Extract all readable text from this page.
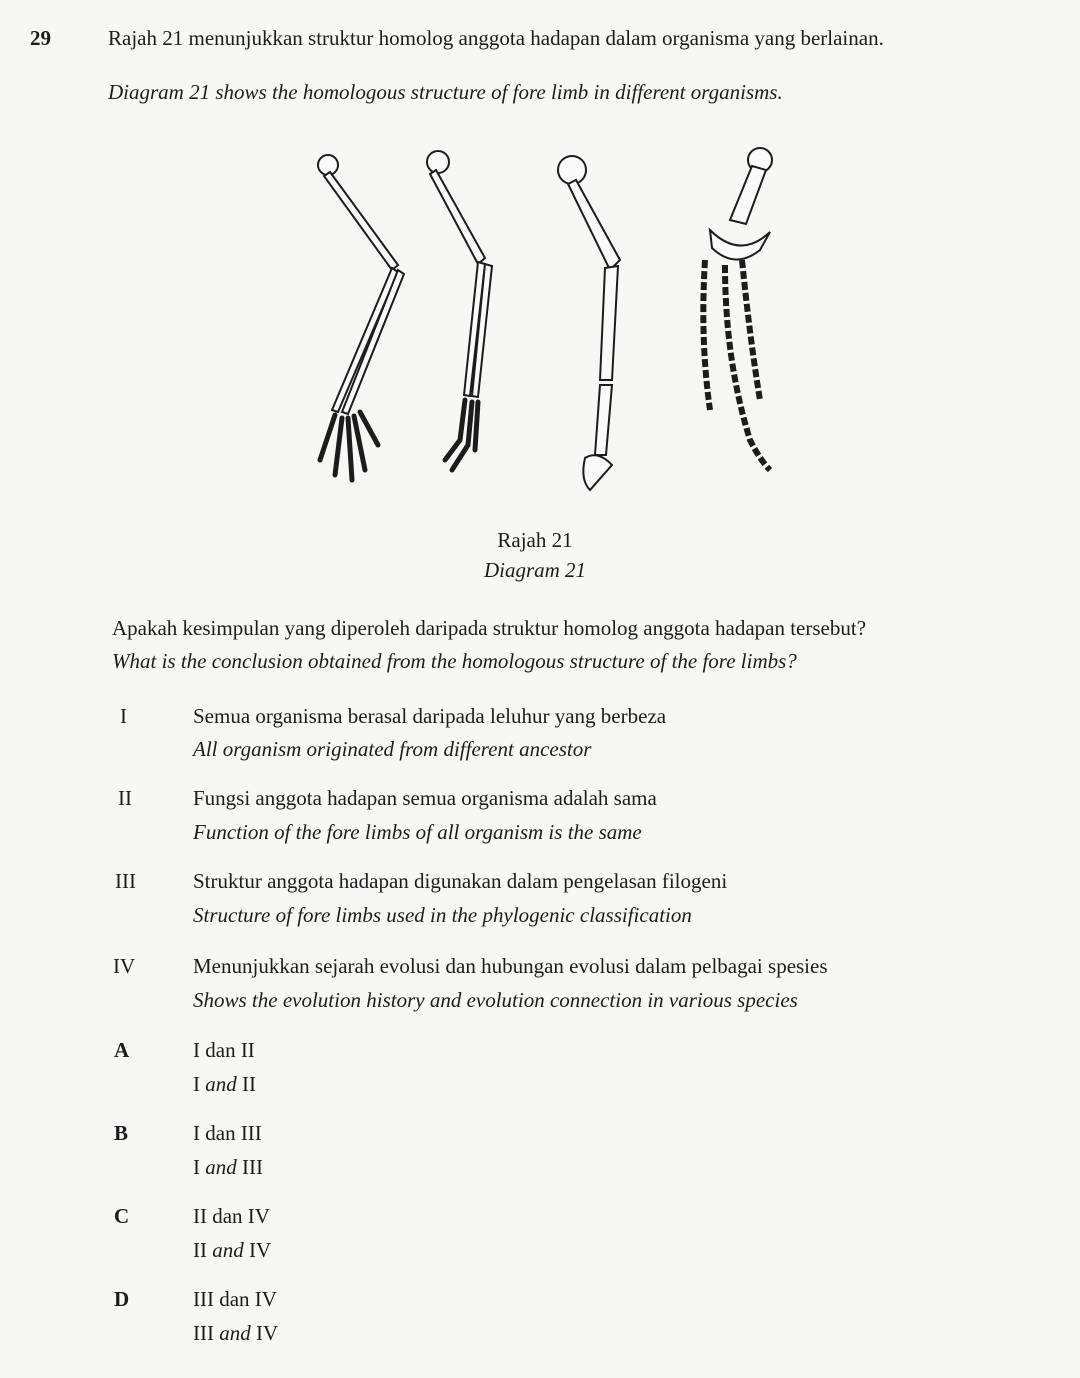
29	Rajah 21 menunjukkan struktur homolog anggota hadapan dalam organisma yang berlainan.
Diagram 21 shows the homologous structure of fore limb in different organisms.
Rajah 21
Diagram 21
Apakah kesimpulan yang diperoleh daripada struktur homolog anggota hadapan tersebut?
What is the conclusion obtained from the homologous structure of the fore limbs?
I	Semua organisma berasal daripada leluhur yang berbeza
All organism originated from different ancestor
II	Fungsi anggota hadapan semua organisma adalah sama
Function of the fore limbs of all organism is the same
III	Struktur anggota hadapan digunakan dalam pengelasan filogeni
Structure of fore limbs used in the phylogenic classification
IV	Menunjukkan sejarah evolusi dan hubungan evolusi dalam pelbagai spesies
Shows the evolution history and evolution connection in various species
A	I dan II
I and II
B	I dan III
I and III
C	II dan IV
II and IV
D	III dan IV
III and IV
